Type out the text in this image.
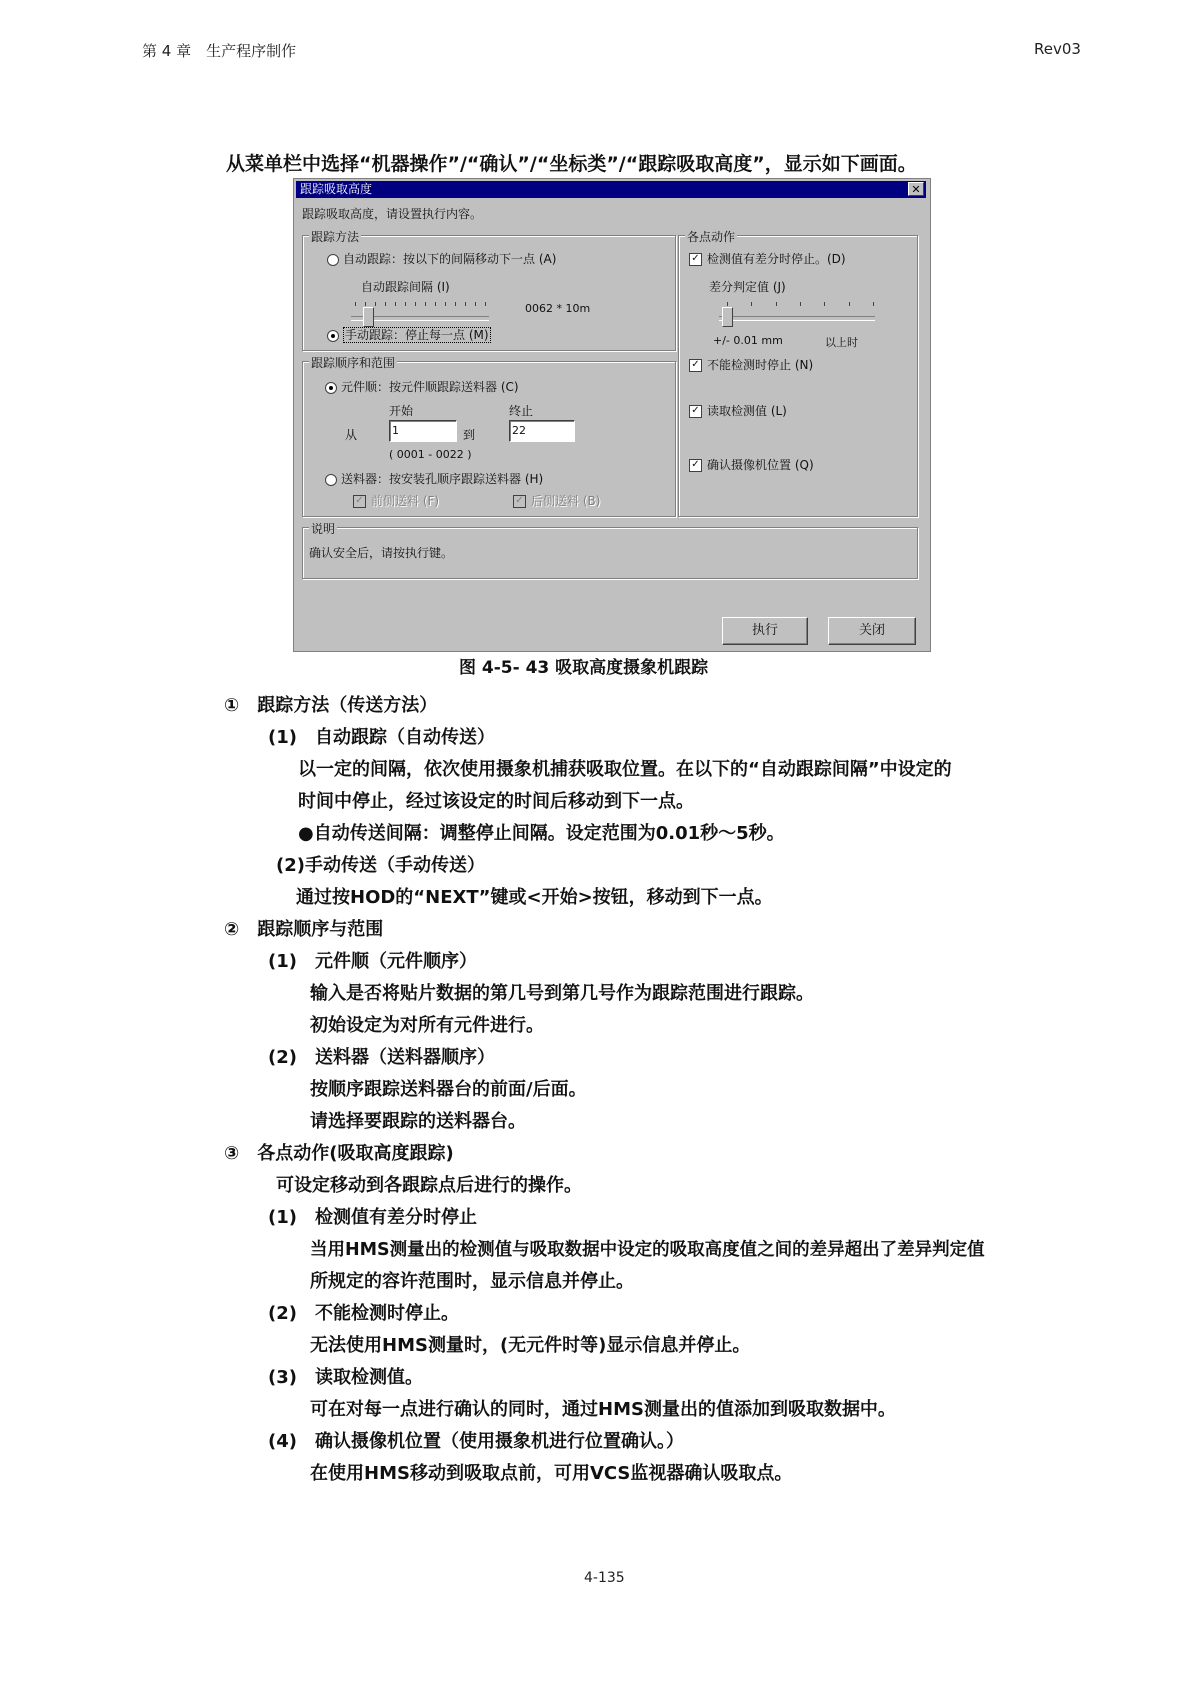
第 4 章　生产程序制作	Rev03
从菜单栏中选择“机器操作”/“确认”/“坐标类”/“跟踪吸取高度”，显示如下画面。
跟踪吸取高度	✕
跟踪吸取高度，请设置执行内容。
跟踪方法
自动跟踪：按以下的间隔移动下一点 (A)
自动跟踪间隔 (I)
0062 * 10m
手动跟踪：停止每一点 (M)
跟踪顺序和范围
元件顺：按元件顺跟踪送料器 (C)
开始	终止
从	1	到	22
( 0001 - 0022 )
送料器：按安装孔顺序跟踪送料器 (H)
✓ 前侧送料 (F)	✓ 后侧送料 (B)
各点动作
✓ 检测值有差分时停止。(D)
差分判定值 (J)
+/- 0.01 mm	以上时
✓ 不能检测时停止 (N)
✓ 读取检测值 (L)
✓ 确认摄像机位置 (Q)
说明
确认安全后，请按执行键。
执行	关闭
图 4-5- 43 吸取高度摄象机跟踪
①　跟踪方法（传送方法）
(1)　自动跟踪（自动传送）
以一定的间隔，依次使用摄象机捕获吸取位置。在以下的“自动跟踪间隔”中设定的
时间中停止，经过该设定的时间后移动到下一点。
●自动传送间隔：调整停止间隔。设定范围为0.01秒～5秒。
(2)手动传送（手动传送）
通过按HOD的“NEXT”键或<开始>按钮，移动到下一点。
②　跟踪顺序与范围
(1)　元件顺（元件顺序）
输入是否将贴片数据的第几号到第几号作为跟踪范围进行跟踪。
初始设定为对所有元件进行。
(2)　送料器（送料器顺序）
按顺序跟踪送料器台的前面/后面。
请选择要跟踪的送料器台。
③　各点动作(吸取高度跟踪)
可设定移动到各跟踪点后进行的操作。
(1)　检测值有差分时停止
当用HMS测量出的检测值与吸取数据中设定的吸取高度值之间的差异超出了差异判定值
所规定的容许范围时，显示信息并停止。
(2)　不能检测时停止。
无法使用HMS测量时，(无元件时等)显示信息并停止。
(3)　读取检测值。
可在对每一点进行确认的同时，通过HMS测量出的值添加到吸取数据中。
(4)　确认摄像机位置（使用摄象机进行位置确认。）
在使用HMS移动到吸取点前，可用VCS监视器确认吸取点。
4-135
